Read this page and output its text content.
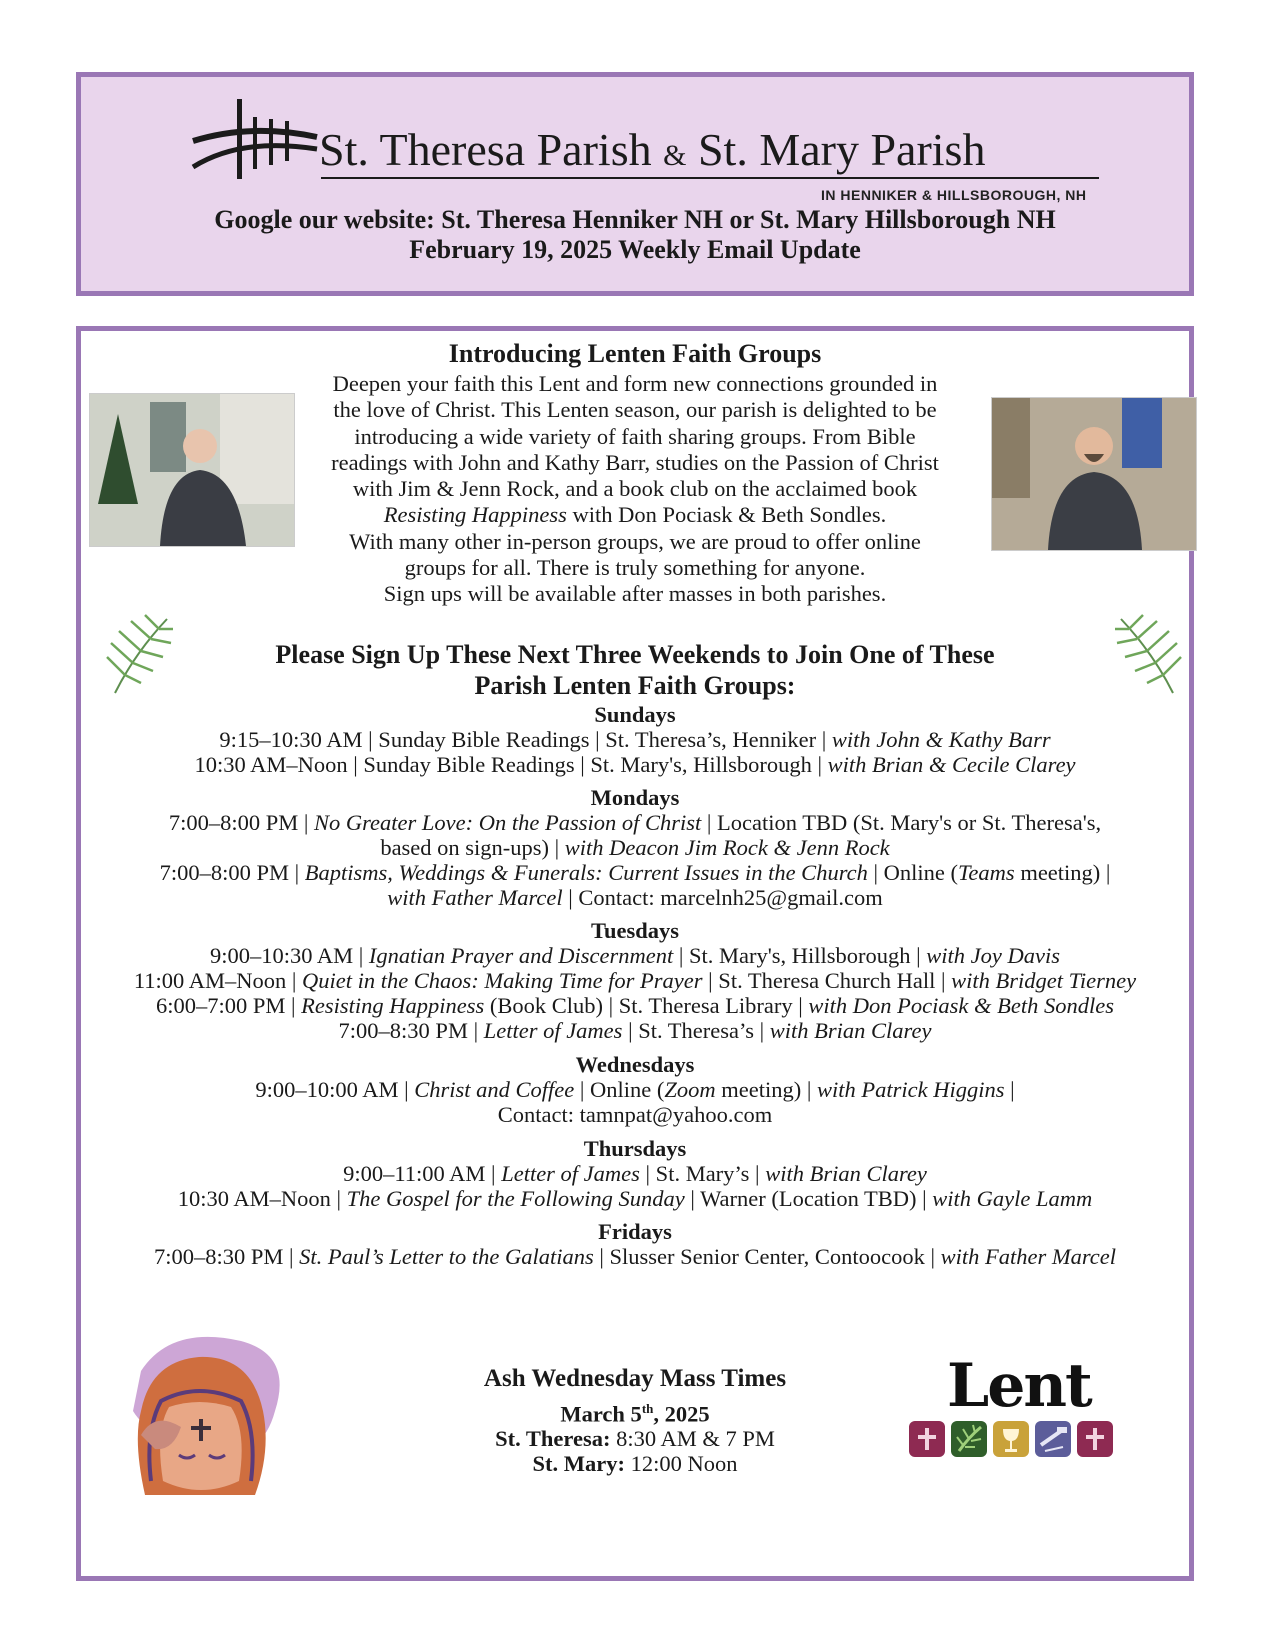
St. Theresa Parish & St. Mary Parish
IN HENNIKER & HILLSBOROUGH, NH
Google our website: St. Theresa Henniker NH or St. Mary Hillsborough NH
February 19, 2025 Weekly Email Update
Introducing Lenten Faith Groups
Deepen your faith this Lent and form new connections grounded in
the love of Christ. This Lenten season, our parish is delighted to be
introducing a wide variety of faith sharing groups. From Bible
readings with John and Kathy Barr, studies on the Passion of Christ
with Jim & Jenn Rock, and a book club on the acclaimed book
Resisting Happiness with Don Pociask & Beth Sondles.
With many other in-person groups, we are proud to offer online
groups for all. There is truly something for anyone.
Sign ups will be available after masses in both parishes.
Please Sign Up These Next Three Weekends to Join One of These
Parish Lenten Faith Groups:
Sundays
9:15–10:30 AM | Sunday Bible Readings | St. Theresa’s, Henniker | with John & Kathy Barr
10:30 AM–Noon | Sunday Bible Readings | St. Mary's, Hillsborough | with Brian & Cecile Clarey
Mondays
7:00–8:00 PM | No Greater Love: On the Passion of Christ | Location TBD (St. Mary's or St. Theresa's,
based on sign-ups) | with Deacon Jim Rock & Jenn Rock
7:00–8:00 PM | Baptisms, Weddings & Funerals: Current Issues in the Church | Online (Teams meeting) |
with Father Marcel | Contact: marcelnh25@gmail.com
Tuesdays
9:00–10:30 AM | Ignatian Prayer and Discernment | St. Mary's, Hillsborough | with Joy Davis
11:00 AM–Noon | Quiet in the Chaos: Making Time for Prayer | St. Theresa Church Hall | with Bridget Tierney
6:00–7:00 PM | Resisting Happiness (Book Club) | St. Theresa Library | with Don Pociask & Beth Sondles
7:00–8:30 PM | Letter of James | St. Theresa’s | with Brian Clarey
Wednesdays
9:00–10:00 AM | Christ and Coffee | Online (Zoom meeting) | with Patrick Higgins |
Contact: tamnpat@yahoo.com
Thursdays
9:00–11:00 AM | Letter of James | St. Mary’s | with Brian Clarey
10:30 AM–Noon | The Gospel for the Following Sunday | Warner (Location TBD) | with Gayle Lamm
Fridays
7:00–8:30 PM | St. Paul’s Letter to the Galatians | Slusser Senior Center, Contoocook | with Father Marcel
Ash Wednesday Mass Times
March 5th, 2025
St. Theresa: 8:30 AM & 7 PM
St. Mary: 12:00 Noon
Lent
